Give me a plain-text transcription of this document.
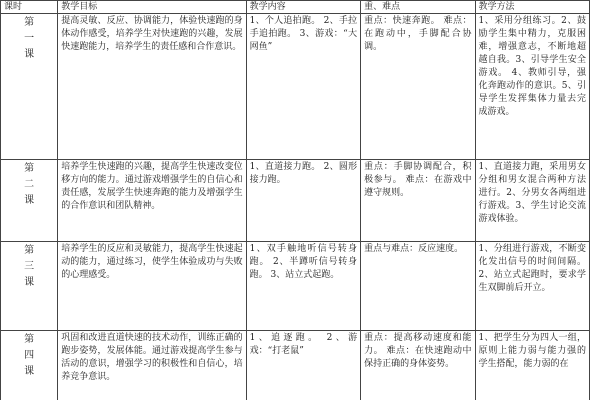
课时	教学目标	教学内容	重、难点	教学方法

第一课	提高灵敏、反应、协调能力，体验快速跑的身体动作感受，培养学生对快速跑的兴趣，发展快速跑能力，培养学生的责任感和合作意识。	1、个人追拍跑。 2、手拉手追拍跑。 3、游戏：“大网鱼”	重点：快速奔跑。 难点：在跑动中，手脚配合协调。	1、采用分组练习。2、鼓励学生集中精力，克服困难，增强意志，不断地超越自我。3、引导学生安全游戏。 4、教师引导，强化奔跑动作的意识。5、引导学生发挥集体力量去完成游戏。

第二课	培养学生快速跑的兴趣，提高学生快速改变位移方向的能力。通过游戏增强学生的自信心和责任感，发展学生快速奔跑的能力及增强学生的合作意识和团队精神。	1、直道接力跑。 2、圆形接力跑。	重点：手脚协调配合，积极参与。 难点：在游戏中遵守规则。	1、直道接力跑，采用男女分组和男女混合两种方法进行。2、分男女各两组进行游戏。3、学生讨论交流游戏体验。

第三课	培养学生的反应和灵敏能力，提高学生快速起动的能力，通过练习，使学生体验成功与失败的心理感受。	1、双手触地听信号转身跑。 2、半蹲听信号转身跑。 3、站立式起跑。	重点与难点：反应速度。	1、分组进行游戏，不断变化发出信号的时间间隔。 2、站立式起跑时，要求学生双脚前后开立。

第四课	巩固和改进直道快速的技术动作，训练正确的跑步姿势，发展体能。通过游戏提高学生参与活动的意识，增强学习的积极性和自信心，培养竞争意识。	1、追逐跑。 2、游戏：“打老鼠”	重点：提高移动速度和能力。 难点：在快速跑动中保持正确的身体姿势。	1、把学生分为四人一组，原则上能力弱与能力强的学生搭配，能力弱的在
